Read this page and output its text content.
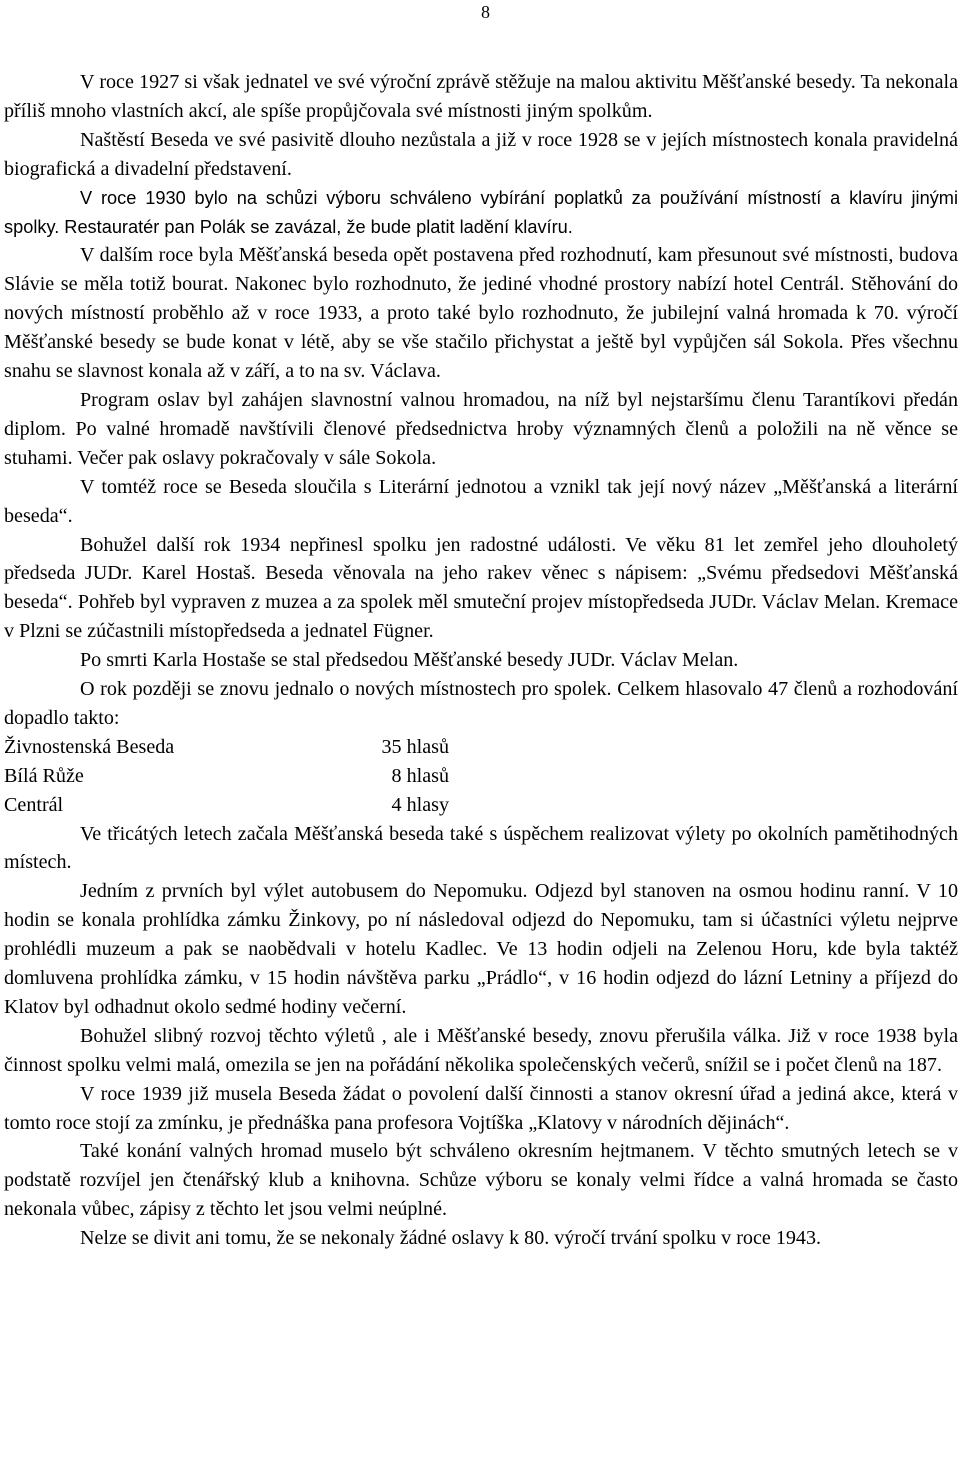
8

V roce 1927 si však jednatel ve své výroční zprávě stěžuje na malou aktivitu Měšťanské besedy. Ta nekonala příliš mnoho vlastních akcí, ale spíše propůjčovala své místnosti jiným spolkům.

Naštěstí Beseda ve své pasivitě dlouho nezůstala a již v roce 1928 se v jejích místnostech konala pravidelná biografická a divadelní představení.

V roce 1930 bylo na schůzi výboru schváleno vybírání poplatků za používání místností a klavíru jinými spolky. Restauratér pan Polák se zavázal, že bude platit ladění klavíru.

V dalším roce byla Měšťanská beseda opět postavena před rozhodnutí, kam přesunout své místnosti, budova Slávie se měla totiž bourat. Nakonec bylo rozhodnuto, že jediné vhodné prostory nabízí hotel Centrál. Stěhování do nových místností proběhlo až v roce 1933, a proto také bylo rozhodnuto, že jubilejní valná hromada k 70. výročí Měšťanské besedy se bude konat v létě, aby se vše stačilo přichystat a ještě byl vypůjčen sál Sokola. Přes všechnu snahu se slavnost konala až v září, a to na sv. Václava.

Program oslav byl zahájen slavnostní valnou hromadou, na níž byl nejstaršímu členu Tarantíkovi předán diplom. Po valné hromadě navštívili členové předsednictva hroby významných členů a položili na ně věnce se stuhami. Večer pak oslavy pokračovaly v sále Sokola.

V tomtéž roce se Beseda sloučila s Literární jednotou a vznikl tak její nový název „Měšťanská a literární beseda“.

Bohužel další rok 1934 nepřinesl spolku jen radostné události. Ve věku 81 let zemřel jeho dlouholetý předseda JUDr. Karel Hostaš. Beseda věnovala na jeho rakev věnec s nápisem: „Svému předsedovi Měšťanská beseda“. Pohřeb byl vypraven z muzea a za spolek měl smuteční projev místopředseda JUDr. Václav Melan. Kremace v Plzni se zúčastnili místopředseda a jednatel Fügner.

Po smrti Karla Hostaše se stal předsedou Měšťanské besedy JUDr. Václav Melan.

O rok později se znovu jednalo o nových místnostech pro spolek. Celkem hlasovalo 47 členů a rozhodování dopadlo takto:

Živnostenská Beseda	35 hlasů
Bílá Růže	8 hlasů
Centrál	4 hlasy

Ve třicátých letech začala Měšťanská beseda také s úspěchem realizovat výlety po okolních pamětihodných místech.

Jedním z prvních byl výlet autobusem do Nepomuku. Odjezd byl stanoven na osmou hodinu ranní. V 10 hodin se konala prohlídka zámku Žinkovy, po ní následoval odjezd do Nepomuku, tam si účastníci výletu nejprve prohlédli muzeum a pak se naobědvali v hotelu Kadlec. Ve 13 hodin odjeli na Zelenou Horu, kde byla taktéž domluvena prohlídka zámku, v 15 hodin návštěva parku „Prádlo“, v 16 hodin odjezd do lázní Letniny a příjezd do Klatov byl odhadnut okolo sedmé hodiny večerní.

Bohužel slibný rozvoj těchto výletů , ale i Měšťanské besedy, znovu přerušila válka. Již v roce 1938 byla činnost spolku velmi malá, omezila se jen na pořádání několika společenských večerů, snížil se i počet členů na 187.

V roce 1939 již musela Beseda žádat o povolení další činnosti a stanov okresní úřad a jediná akce, která v tomto roce stojí za zmínku, je přednáška pana profesora Vojtíška „Klatovy v národních dějinách“.

Také konání valných hromad muselo být schváleno okresním hejtmanem. V těchto smutných letech se v podstatě rozvíjel jen čtenářský klub a knihovna. Schůze výboru se konaly velmi řídce a valná hromada se často nekonala vůbec, zápisy z těchto let jsou velmi neúplné.

Nelze se divit ani tomu, že se nekonaly žádné oslavy k 80. výročí trvání spolku v roce 1943.
